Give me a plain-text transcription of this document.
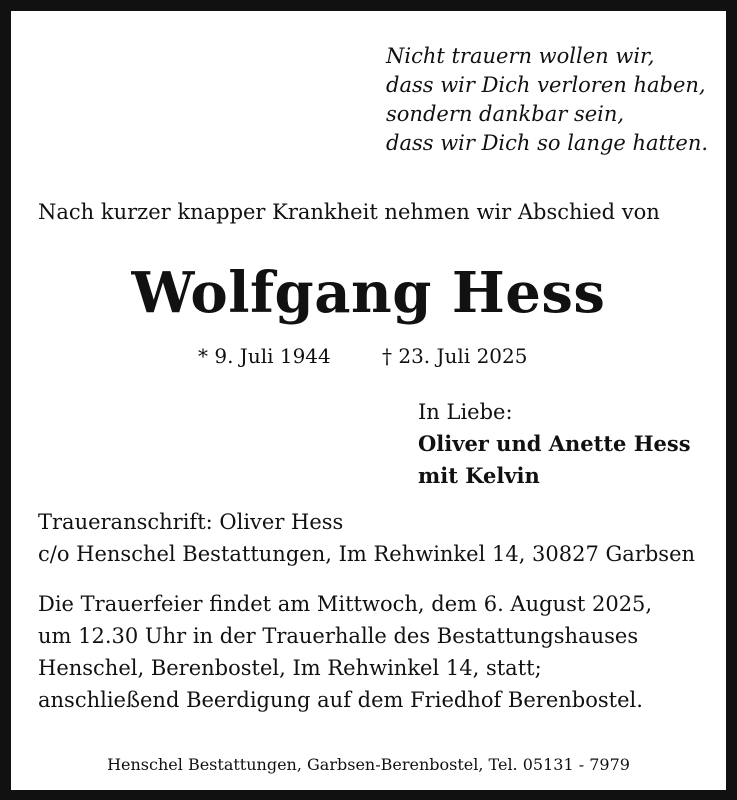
Nicht trauern wollen wir,
dass wir Dich verloren haben,
sondern dankbar sein,
dass wir Dich so lange hatten.
Nach kurzer knapper Krankheit nehmen wir Abschied von
Wolfgang Hess
* 9. Juli 1944	† 23. Juli 2025
In Liebe:
Oliver und Anette Hess
mit Kelvin
Traueranschrift: Oliver Hess
c/o Henschel Bestattungen, Im Rehwinkel 14, 30827 Garbsen
Die Trauerfeier findet am Mittwoch, dem 6. August 2025,
um 12.30 Uhr in der Trauerhalle des Bestattungshauses
Henschel, Berenbostel, Im Rehwinkel 14, statt;
anschließend Beerdigung auf dem Friedhof Berenbostel.
Henschel Bestattungen, Garbsen-Berenbostel, Tel. 05131 - 7979
